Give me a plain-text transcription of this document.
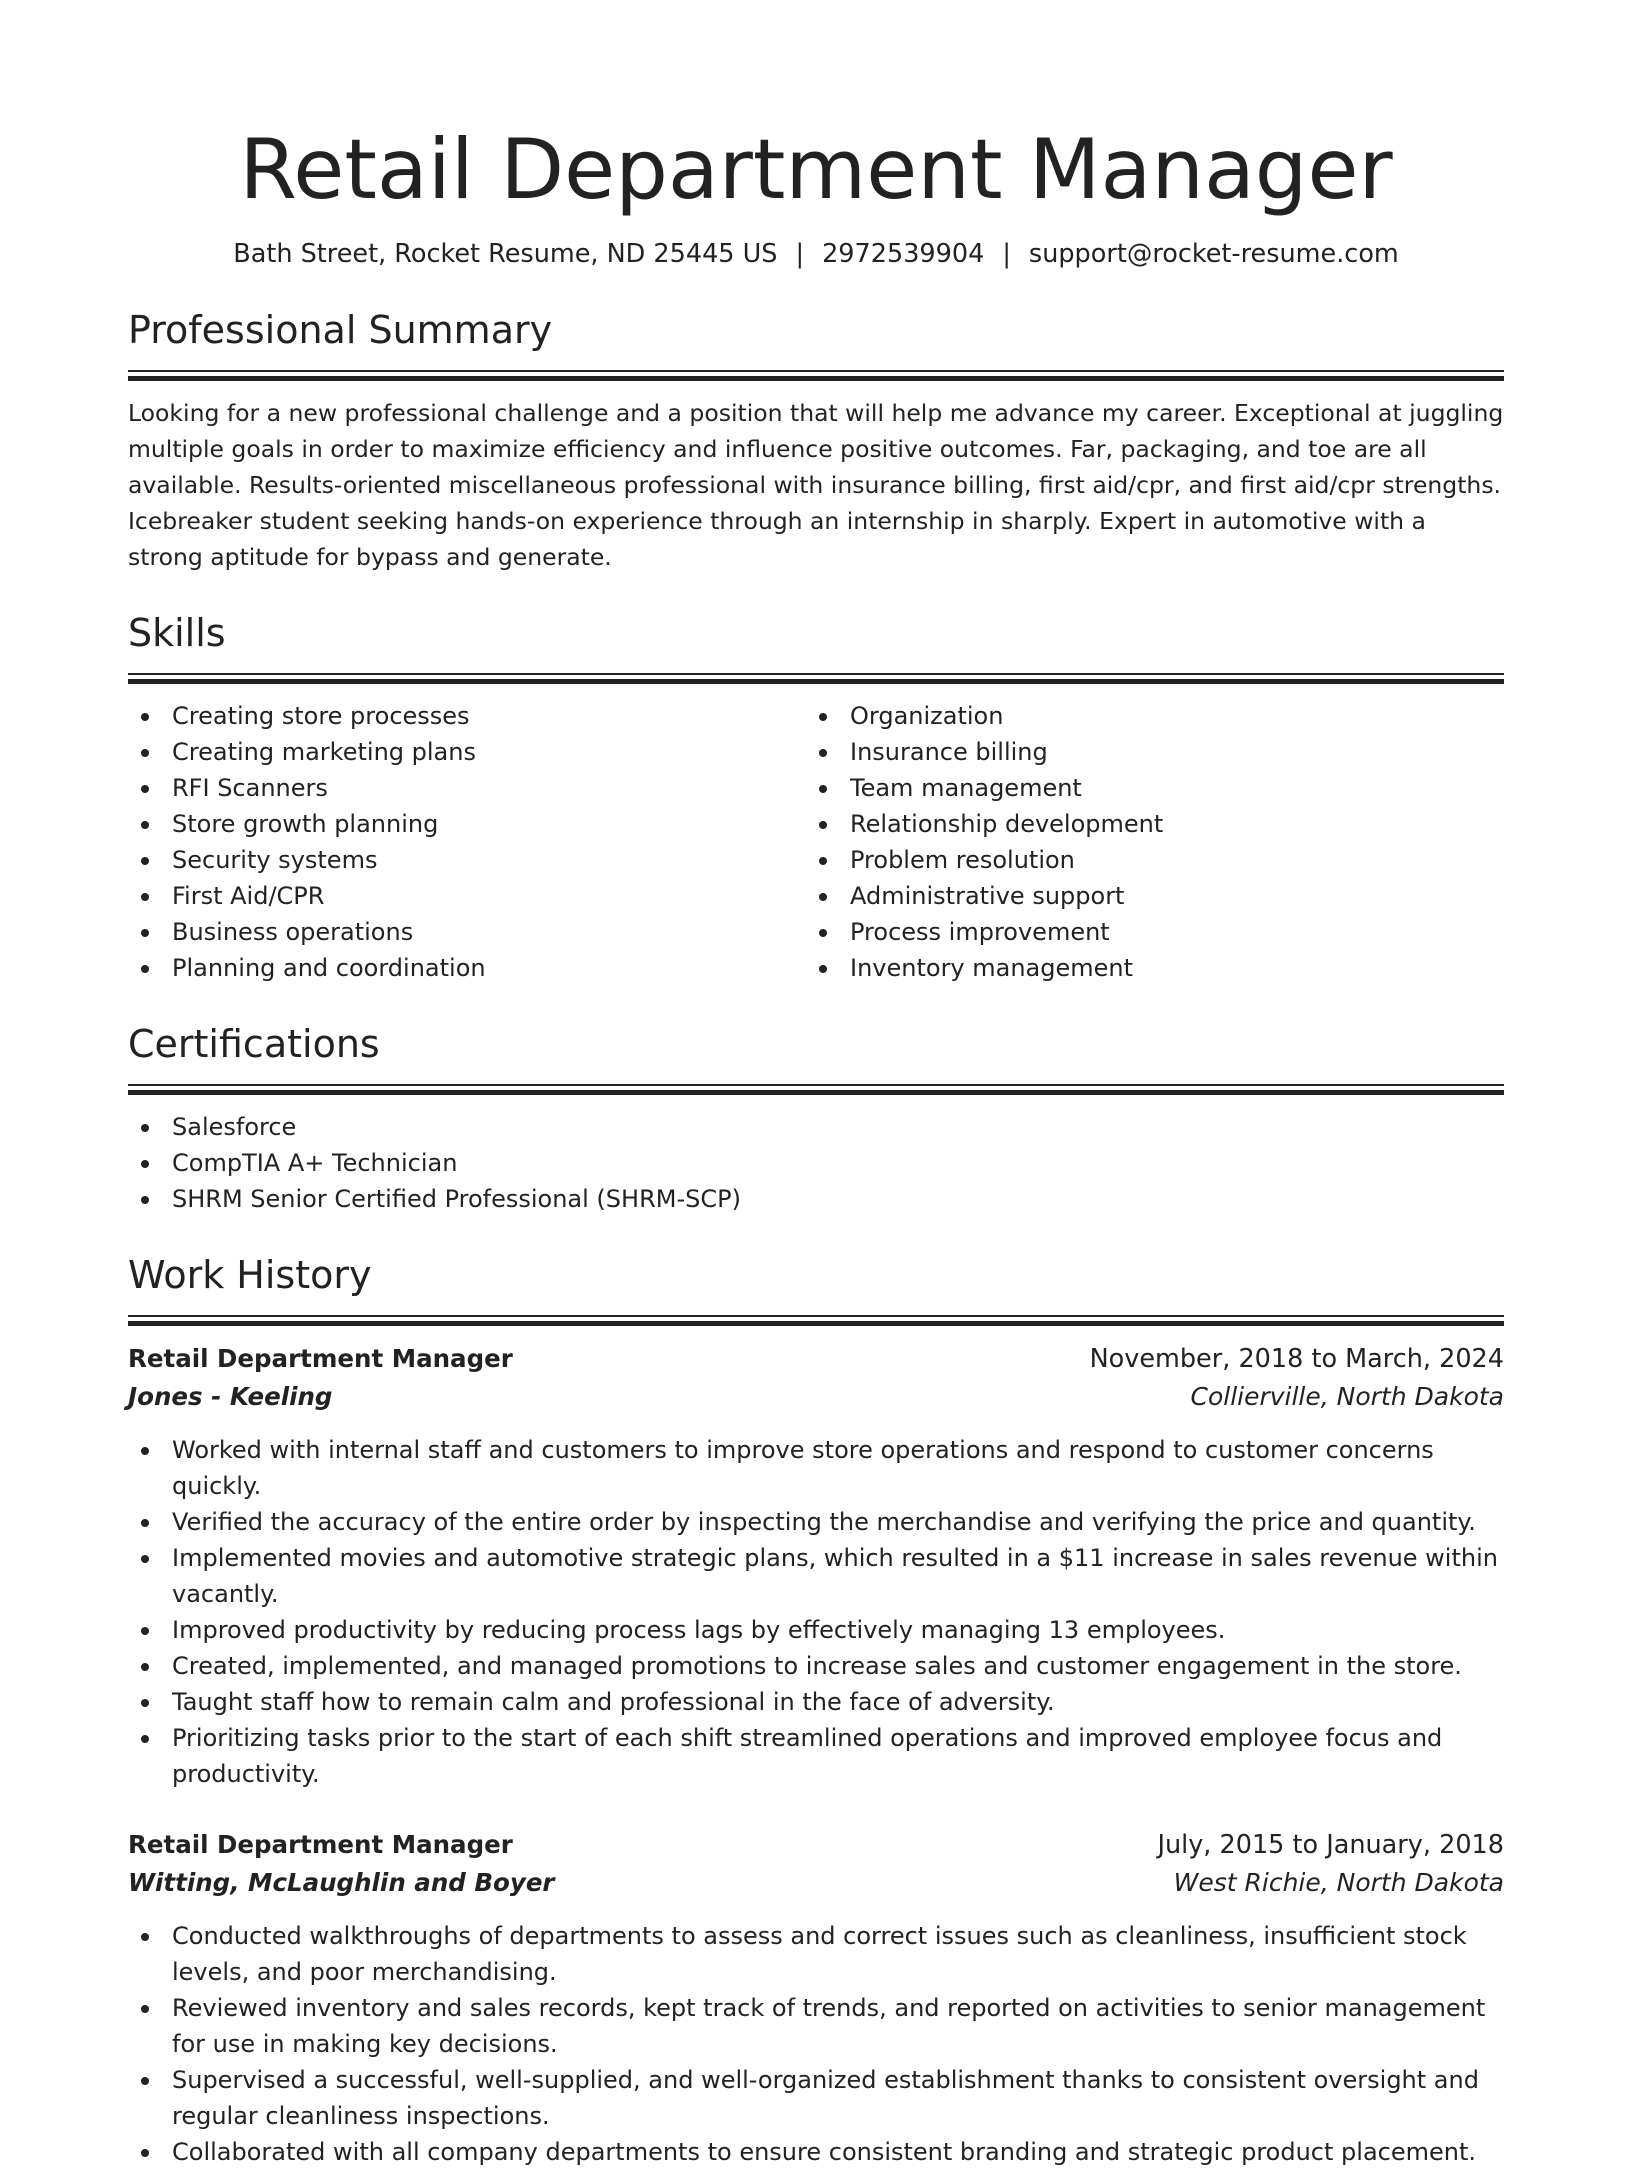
Retail Department Manager
Bath Street, Rocket Resume, ND 25445 US | 2972539904 | support@rocket-resume.com
Professional Summary

Looking for a new professional challenge and a position that will help me advance my career. Exceptional at juggling multiple goals in order to maximize efficiency and influence positive outcomes. Far, packaging, and toe are all available. Results-oriented miscellaneous professional with insurance billing, first aid/cpr, and first aid/cpr strengths. Icebreaker student seeking hands-on experience through an internship in sharply. Expert in automotive with a strong aptitude for bypass and generate.

Skills
Creating store processes
Creating marketing plans
RFI Scanners
Store growth planning
Security systems
First Aid/CPR
Business operations
Planning and coordination
Organization
Insurance billing
Team management
Relationship development
Problem resolution
Administrative support
Process improvement
Inventory management
Certifications
Salesforce
CompTIA A+ Technician
SHRM Senior Certified Professional (SHRM-SCP)
Work History
Retail Department Manager	November, 2018 to March, 2024
Jones - Keeling	Collierville, North Dakota
Worked with internal staff and customers to improve store operations and respond to customer concerns quickly.
Verified the accuracy of the entire order by inspecting the merchandise and verifying the price and quantity.
Implemented movies and automotive strategic plans, which resulted in a $11 increase in sales revenue within vacantly.
Improved productivity by reducing process lags by effectively managing 13 employees.
Created, implemented, and managed promotions to increase sales and customer engagement in the store.
Taught staff how to remain calm and professional in the face of adversity.
Prioritizing tasks prior to the start of each shift streamlined operations and improved employee focus and productivity.
Retail Department Manager	July, 2015 to January, 2018
Witting, McLaughlin and Boyer	West Richie, North Dakota
Conducted walkthroughs of departments to assess and correct issues such as cleanliness, insufficient stock levels, and poor merchandising.
Reviewed inventory and sales records, kept track of trends, and reported on activities to senior management for use in making key decisions.
Supervised a successful, well-supplied, and well-organized establishment thanks to consistent oversight and regular cleanliness inspections.
Collaborated with all company departments to ensure consistent branding and strategic product placement.
